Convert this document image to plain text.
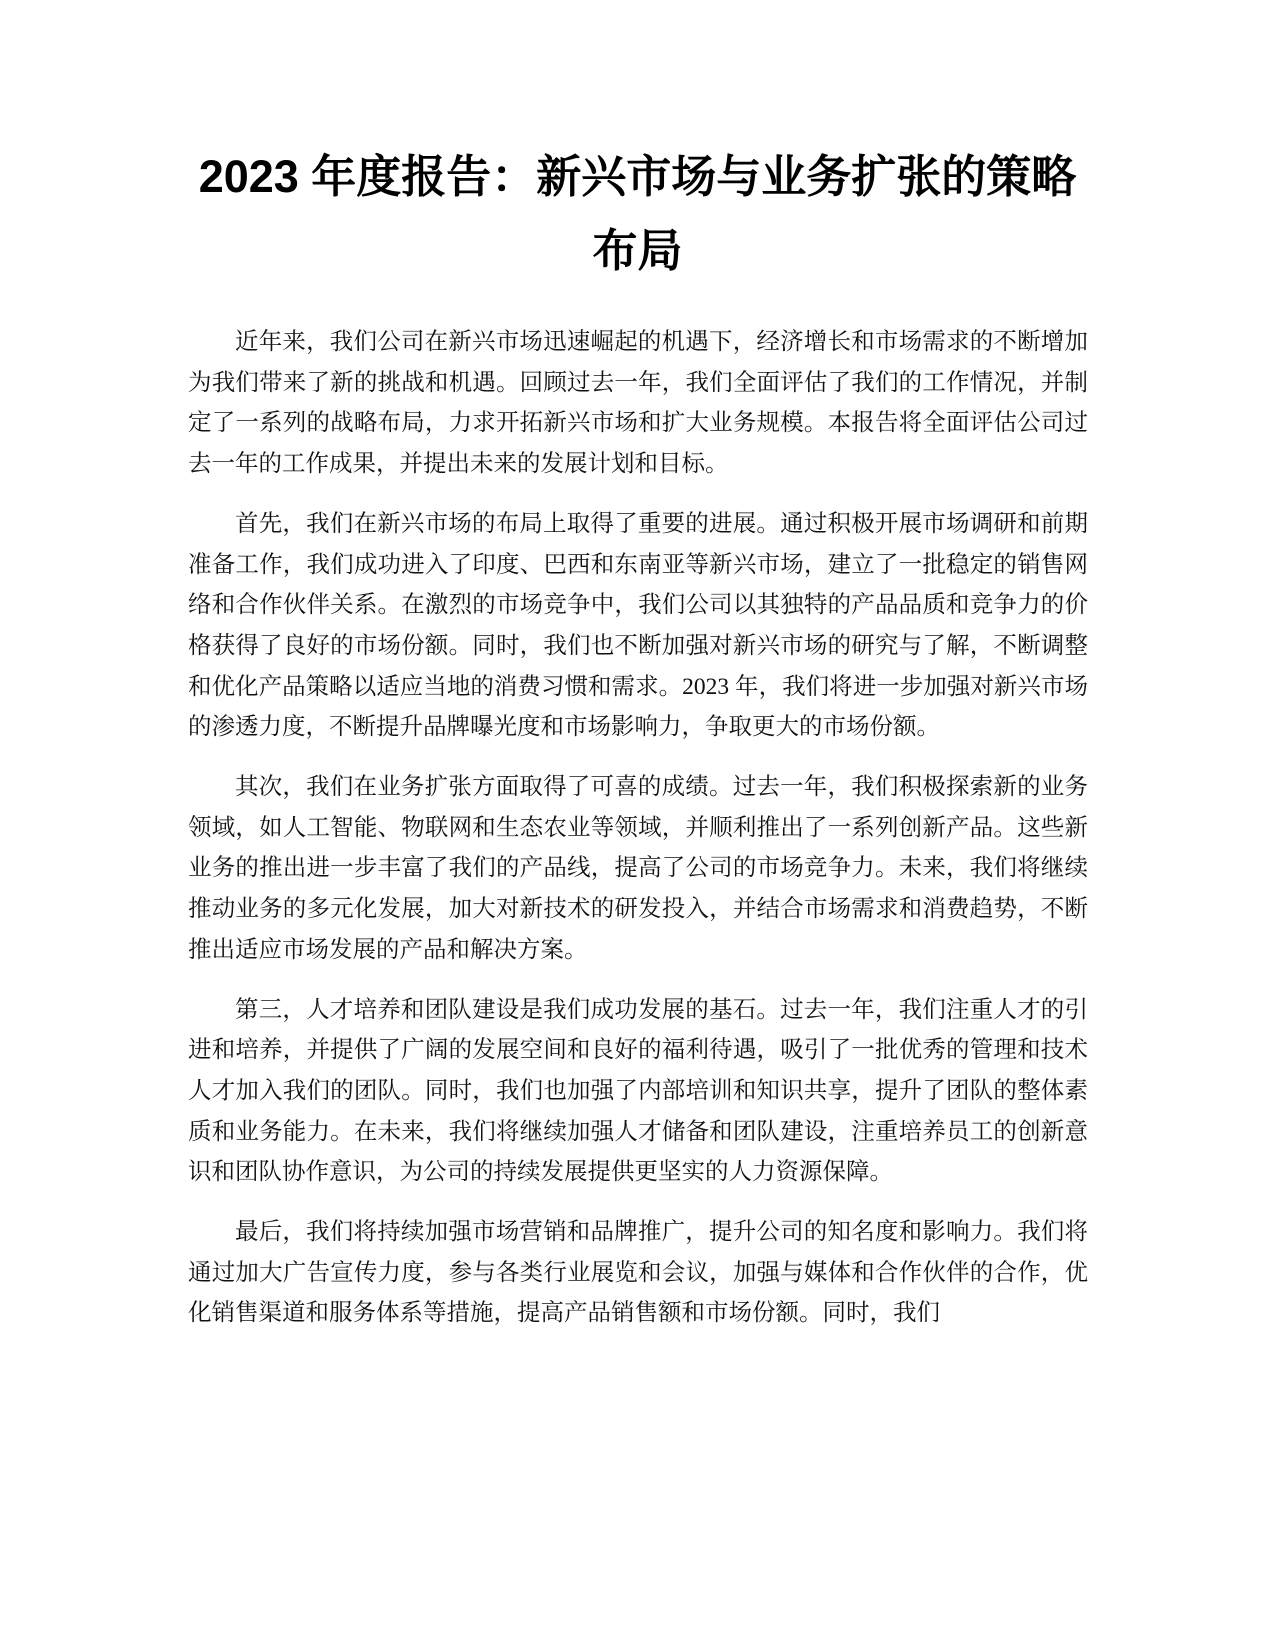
2023 年度报告：新兴市场与业务扩张的策略
布局

近年来，我们公司在新兴市场迅速崛起的机遇下，经济增长和市场需求的不断增加为我们带来了新的挑战和机遇。回顾过去一年，我们全面评估了我们的工作情况，并制定了一系列的战略布局，力求开拓新兴市场和扩大业务规模。本报告将全面评估公司过去一年的工作成果，并提出未来的发展计划和目标。

首先，我们在新兴市场的布局上取得了重要的进展。通过积极开展市场调研和前期准备工作，我们成功进入了印度、巴西和东南亚等新兴市场，建立了一批稳定的销售网络和合作伙伴关系。在激烈的市场竞争中，我们公司以其独特的产品品质和竞争力的价格获得了良好的市场份额。同时，我们也不断加强对新兴市场的研究与了解，不断调整和优化产品策略以适应当地的消费习惯和需求。2023 年，我们将进一步加强对新兴市场的渗透力度，不断提升品牌曝光度和市场影响力，争取更大的市场份额。

其次，我们在业务扩张方面取得了可喜的成绩。过去一年，我们积极探索新的业务领域，如人工智能、物联网和生态农业等领域，并顺利推出了一系列创新产品。这些新业务的推出进一步丰富了我们的产品线，提高了公司的市场竞争力。未来，我们将继续推动业务的多元化发展，加大对新技术的研发投入，并结合市场需求和消费趋势，不断推出适应市场发展的产品和解决方案。

第三，人才培养和团队建设是我们成功发展的基石。过去一年，我们注重人才的引进和培养，并提供了广阔的发展空间和良好的福利待遇，吸引了一批优秀的管理和技术人才加入我们的团队。同时，我们也加强了内部培训和知识共享，提升了团队的整体素质和业务能力。在未来，我们将继续加强人才储备和团队建设，注重培养员工的创新意识和团队协作意识，为公司的持续发展提供更坚实的人力资源保障。

最后，我们将持续加强市场营销和品牌推广，提升公司的知名度和影响力。我们将通过加大广告宣传力度，参与各类行业展览和会议，加强与媒体和合作伙伴的合作，优化销售渠道和服务体系等措施，提高产品销售额和市场份额。同时，我们
